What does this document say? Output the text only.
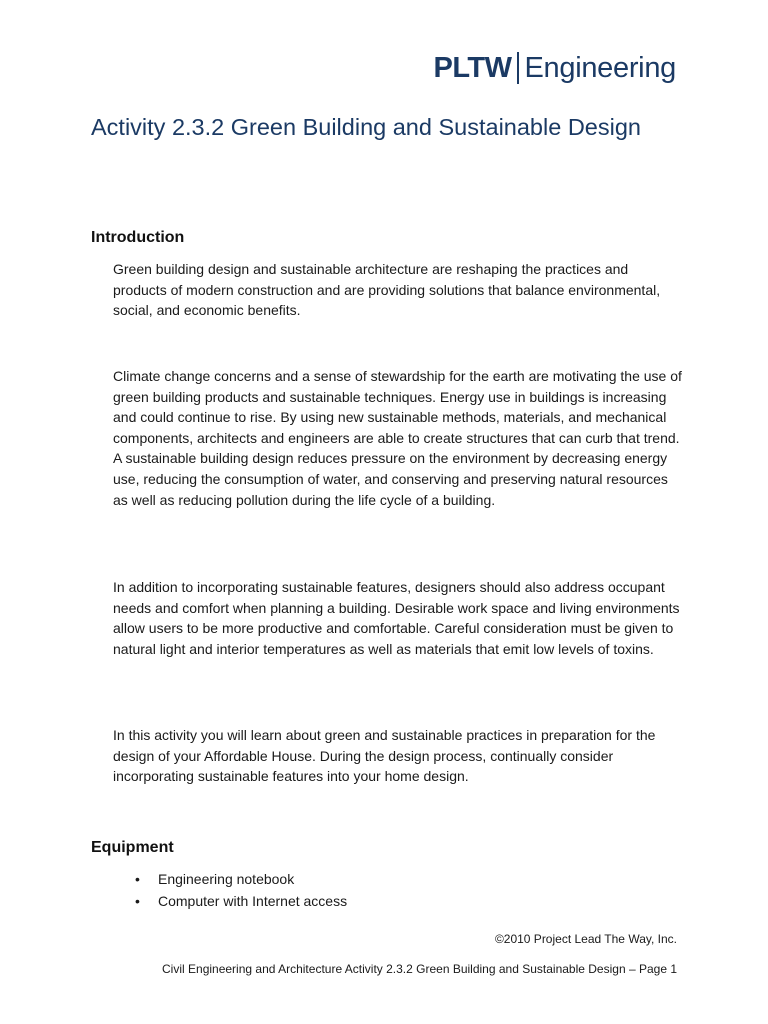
PLTW Engineering
Activity 2.3.2 Green Building and Sustainable Design
Introduction

Green building design and sustainable architecture are reshaping the practices and products of modern construction and are providing solutions that balance environmental, social, and economic benefits.

Climate change concerns and a sense of stewardship for the earth are motivating the use of green building products and sustainable techniques. Energy use in buildings is increasing and could continue to rise. By using new sustainable methods, materials, and mechanical components, architects and engineers are able to create structures that can curb that trend. A sustainable building design reduces pressure on the environment by decreasing energy use, reducing the consumption of water, and conserving and preserving natural resources as well as reducing pollution during the life cycle of a building.

In addition to incorporating sustainable features, designers should also address occupant needs and comfort when planning a building. Desirable work space and living environments allow users to be more productive and comfortable. Careful consideration must be given to natural light and interior temperatures as well as materials that emit low levels of toxins.

In this activity you will learn about green and sustainable practices in preparation for the design of your Affordable House. During the design process, continually consider incorporating sustainable features into your home design.

Equipment
• Engineering notebook
• Computer with Internet access
©2010 Project Lead The Way, Inc.
Civil Engineering and Architecture Activity 2.3.2 Green Building and Sustainable Design – Page 1
